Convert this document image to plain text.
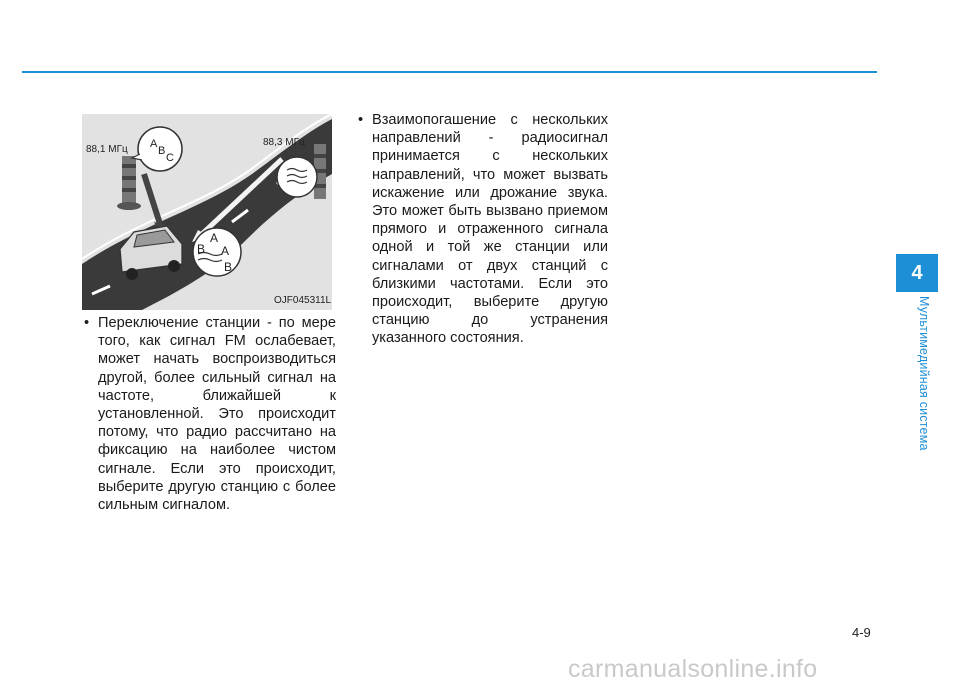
A
B
C
A
B A
B
88,1 МГц
88,3 МГц
OJF045311L
• Переключение станции - по мере того, как сигнал FM ослабевает, может начать воспроизводиться другой, более сильный сигнал на частоте, ближайшей к установленной. Это происходит потому, что радио рассчитано на фиксацию на наиболее чистом сигнале. Если это происходит, выберите другую станцию с более сильным сигналом.
• Взаимопогашение с нескольких направлений - радиосигнал принимается с нескольких направлений, что может вызвать искажение или дрожание звука. Это может быть вызвано приемом прямого и отраженного сигнала одной и той же станции или сигналами от двух станций с близкими частотами. Если это происходит, выберите другую станцию до устранения указанного состояния.
4
Мультимедийная система
4-9
carmanualsonline.info
